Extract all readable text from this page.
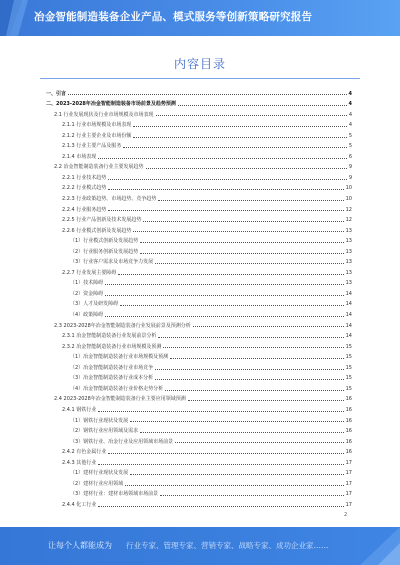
冶金智能制造装备企业产品、模式服务等创新策略研究报告
内容目录
一、引言	4
二、2023-2028年冶金智能制造装备市场前景及趋势预测	4
2.1 行业发展现状及行业市场规模及市场表现	4
2.1.1 行业市场规模及市场表现	4
2.1.2 行业主要企业及市场份额	5
2.1.3 行业主要产品及服务	5
2.1.4 市场表现	6
2.2 冶金智能制造装备行业主要发展趋势	9
2.2.1 行业技术趋势	9
2.2.2 行业模式趋势	10
2.2.3 行业政策趋势、市场趋势、竞争趋势	10
2.2.4 行业服务趋势	12
2.2.5 行业产品创新及技术发展趋势	12
2.2.6 行业模式创新及发展趋势	13
（1）行业模式创新及发展趋势	13
（2）行业服务创新及发展趋势	13
（3）行业客户需求及市场竞争力发展	13
2.2.7 行业发展主要障碍	13
（1）技术障碍	13
（2）资金障碍	14
（3）人才及研发障碍	14
（4）政策障碍	14
2.3 2023-2028年冶金智能制造装备行业发展前景及预测分析	14
2.3.1 冶金智能制造装备行业发展前景分析	14
2.3.2 冶金智能制造装备行业市场规模及预测	15
（1）冶金智能制造装备行业市场规模及预测	15
（2）冶金智能制造装备行业市场竞争	15
（3）冶金智能制造装备行业成本分析	15
（4）冶金智能制造装备行业价格走势分析	15
2.4 2023-2028年冶金智能制造装备行业主要应用领域预测	16
2.4.1 钢铁行业	16
（1）钢铁行业现状及发展	16
（2）钢铁行业应用领域及需求	16
（3）钢铁行业、冶金行业及应用领域市场前景	16
2.4.2 有色金属行业	16
2.4.3 其他行业	17
（1）建材行业现状及发展	17
（2）建材行业应用领域	17
（3）建材行业：建材市场领域市场前景	17
2.4.4 化工行业	17
2
让每个人都能成为 行业专家、管理专家、营销专家、战略专家、成功企业家……
